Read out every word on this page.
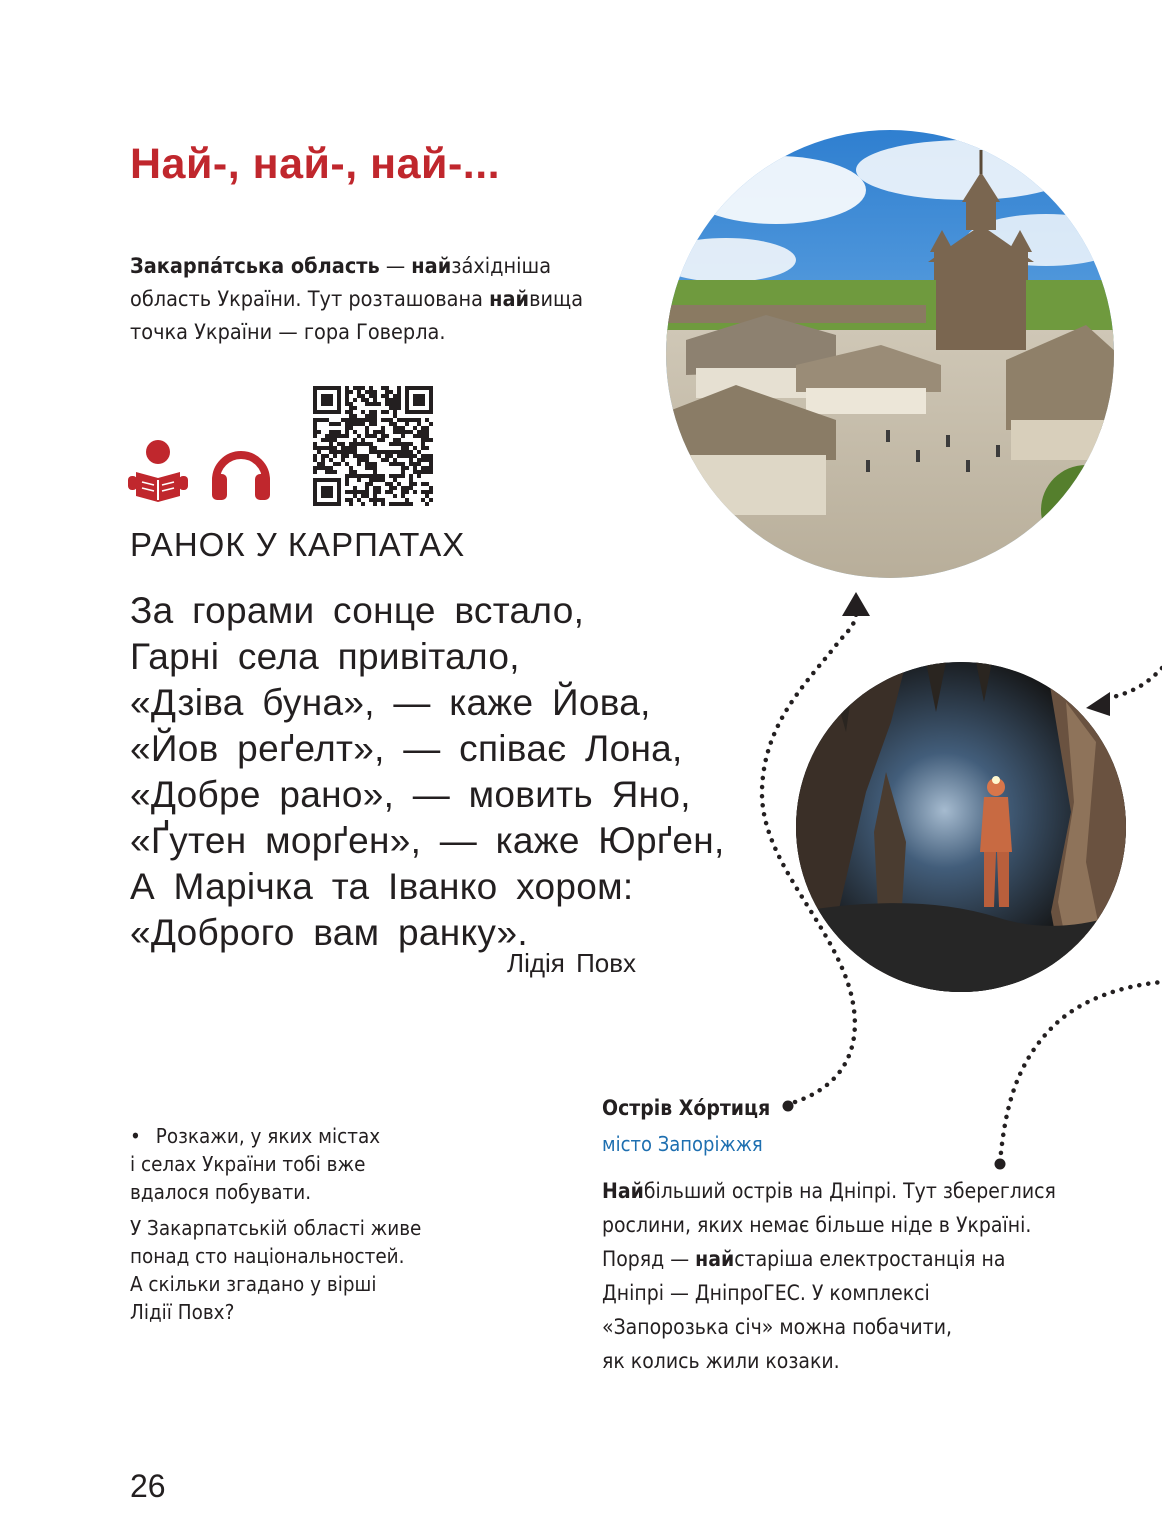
Най-, най-, най-...
Закарпа́тська область — найза́хідніша
область України. Тут розташована найвища
точка України — гора Говерла.
РАНОК У КАРПАТАХ
За горами сонце встало,
Гарні села привітало,
«Дзіва буна», — каже Йова,
«Йов реґелт», — співає Лона,
«Добре рано», — мовить Яно,
«Ґутен морґен», — каже Юрґен,
А Марічка та Іванко хором:
«Доброго вам ранку».
Лідія Повх
• Розкажи, у яких містах
і селах України тобі вже
вдалося побувати.
У Закарпатській області живе
понад сто національностей.
А скільки згадано у вірші
Лідії Повх?
Острів Хо́ртиця
місто Запоріжжя
Найбільший острів на Дніпрі. Тут збереглися
рослини, яких немає більше ніде в Україні.
Поряд — найстаріша електростанція на
Дніпрі — ДніпроГЕС. У комплексі
«Запорозька січ» можна побачити,
як колись жили козаки.
26
